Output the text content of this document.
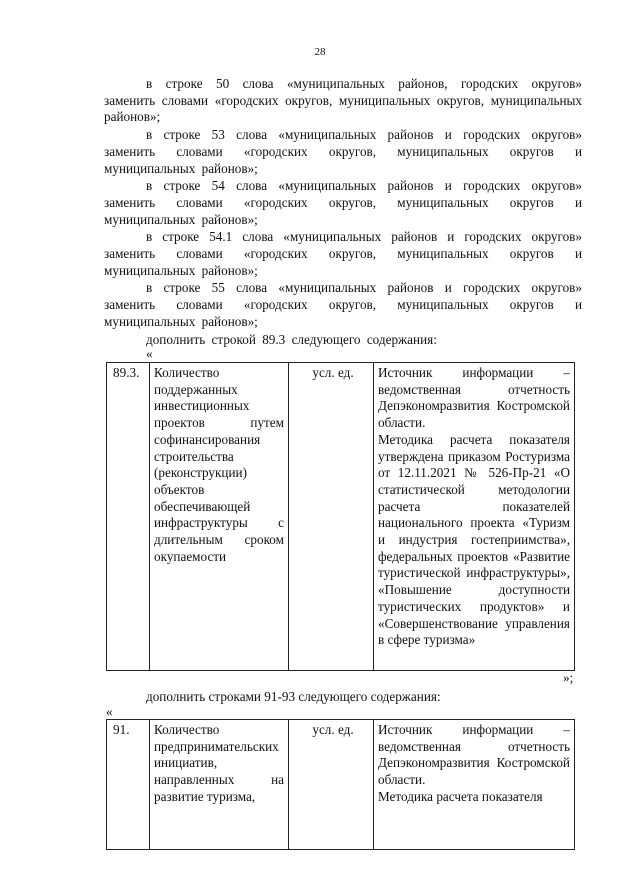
28

в строке 50 слова «муниципальных районов, городских округов» заменить словами «городских округов, муниципальных округов, муниципальных районов»;

в строке 53 слова «муниципальных районов и городских округов» заменить словами «городских округов, муниципальных округов и муниципальных районов»;

в строке 54 слова «муниципальных районов и городских округов» заменить словами «городских округов, муниципальных округов и муниципальных районов»;

в строке 54.1 слова «муниципальных районов и городских округов» заменить словами «городских округов, муниципальных округов и муниципальных районов»;

в строке 55 слова «муниципальных районов и городских округов» заменить словами «городских округов, муниципальных округов и муниципальных районов»;

дополнить строкой 89.3 следующего содержания:

«
89.3.	Количество поддержанных инвестиционных проектов путем софинансирования строительства (реконструкции) объектов обеспечивающей инфраструктуры с длительным сроком окупаемости	усл. ед.	Источник информации – ведомственная отчетность Депэкономразвития Костромской области.
Методика расчета показателя утверждена приказом Ростуризма от 12.11.2021 № 526-Пр-21 «О статистической методологии расчета показателей национального проекта «Туризм и индустрия гостеприимства», федеральных проектов «Развитие туристической инфраструктуры», «Повышение доступности туристических продуктов» и «Совершенствование управления в сфере туризма»
»;
дополнить строками 91-93 следующего содержания:
«
91.	Количество предпринимательских инициатив, направленных на развитие туризма,	усл. ед.	Источник информации – ведомственная отчетность Депэкономразвития Костромской области.
Методика расчета показателя
